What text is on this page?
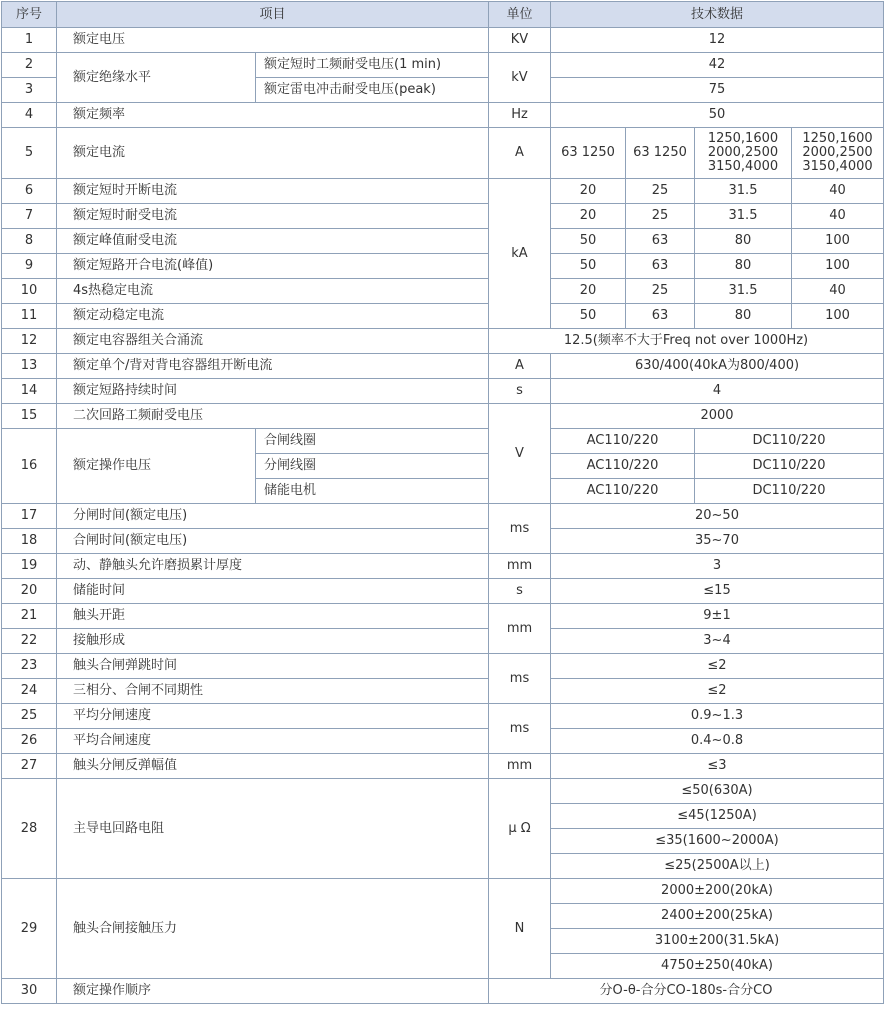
序号	项目		单位	技术数据			
1	额定电压		KV	12			
2	额定绝缘水平	额定短时工频耐受电压(1 min)	kV	42			
3		额定雷电冲击耐受电压(peak)		75			
4	额定频率		Hz	50			
5	额定电流		A	63 1250	63 1250	1250,1600 2000,2500 3150,4000	1250,1600 2000,2500 3150,4000
6	额定短时开断电流		kA	20	25	31.5	40
7	额定短时耐受电流			20	25	31.5	40
8	额定峰值耐受电流			50	63	80	100
9	额定短路开合电流(峰值)			50	63	80	100
10	4s热稳定电流			20	25	31.5	40
11	额定动稳定电流			50	63	80	100
12	额定电容器组关合涌流		12.5(频率不大于Freq not over 1000Hz)				
13	额定单个/背对背电容器组开断电流		A	630/400(40kA为800/400)			
14	额定短路持续时间		s	4			
15	二次回路工频耐受电压		V	2000			
16	额定操作电压	合闸线圈		AC110/220		DC110/220	
		分闸线圈		AC110/220		DC110/220	
		储能电机		AC110/220		DC110/220	
17	分闸时间(额定电压)		ms	20~50			
18	合闸时间(额定电压)			35~70			
19	动、静触头允许磨损累计厚度		mm	3			
20	储能时间		s	≤15			
21	触头开距		mm	9±1			
22	接触形成			3~4			
23	触头合闸弹跳时间		ms	≤2			
24	三相分、合闸不同期性			≤2			
25	平均分闸速度		ms	0.9~1.3			
26	平均合闸速度			0.4~0.8			
27	触头分闸反弹幅值		mm	≤3			
28	主导电回路电阻		μ Ω	≤50(630A)			
				≤45(1250A)			
				≤35(1600~2000A)			
				≤25(2500A以上)			
29	触头合闸接触压力		N	2000±200(20kA)			
				2400±200(25kA)			
				3100±200(31.5kA)			
				4750±250(40kA)			
30	额定操作顺序		分O-θ-合分CO-180s-合分CO				
